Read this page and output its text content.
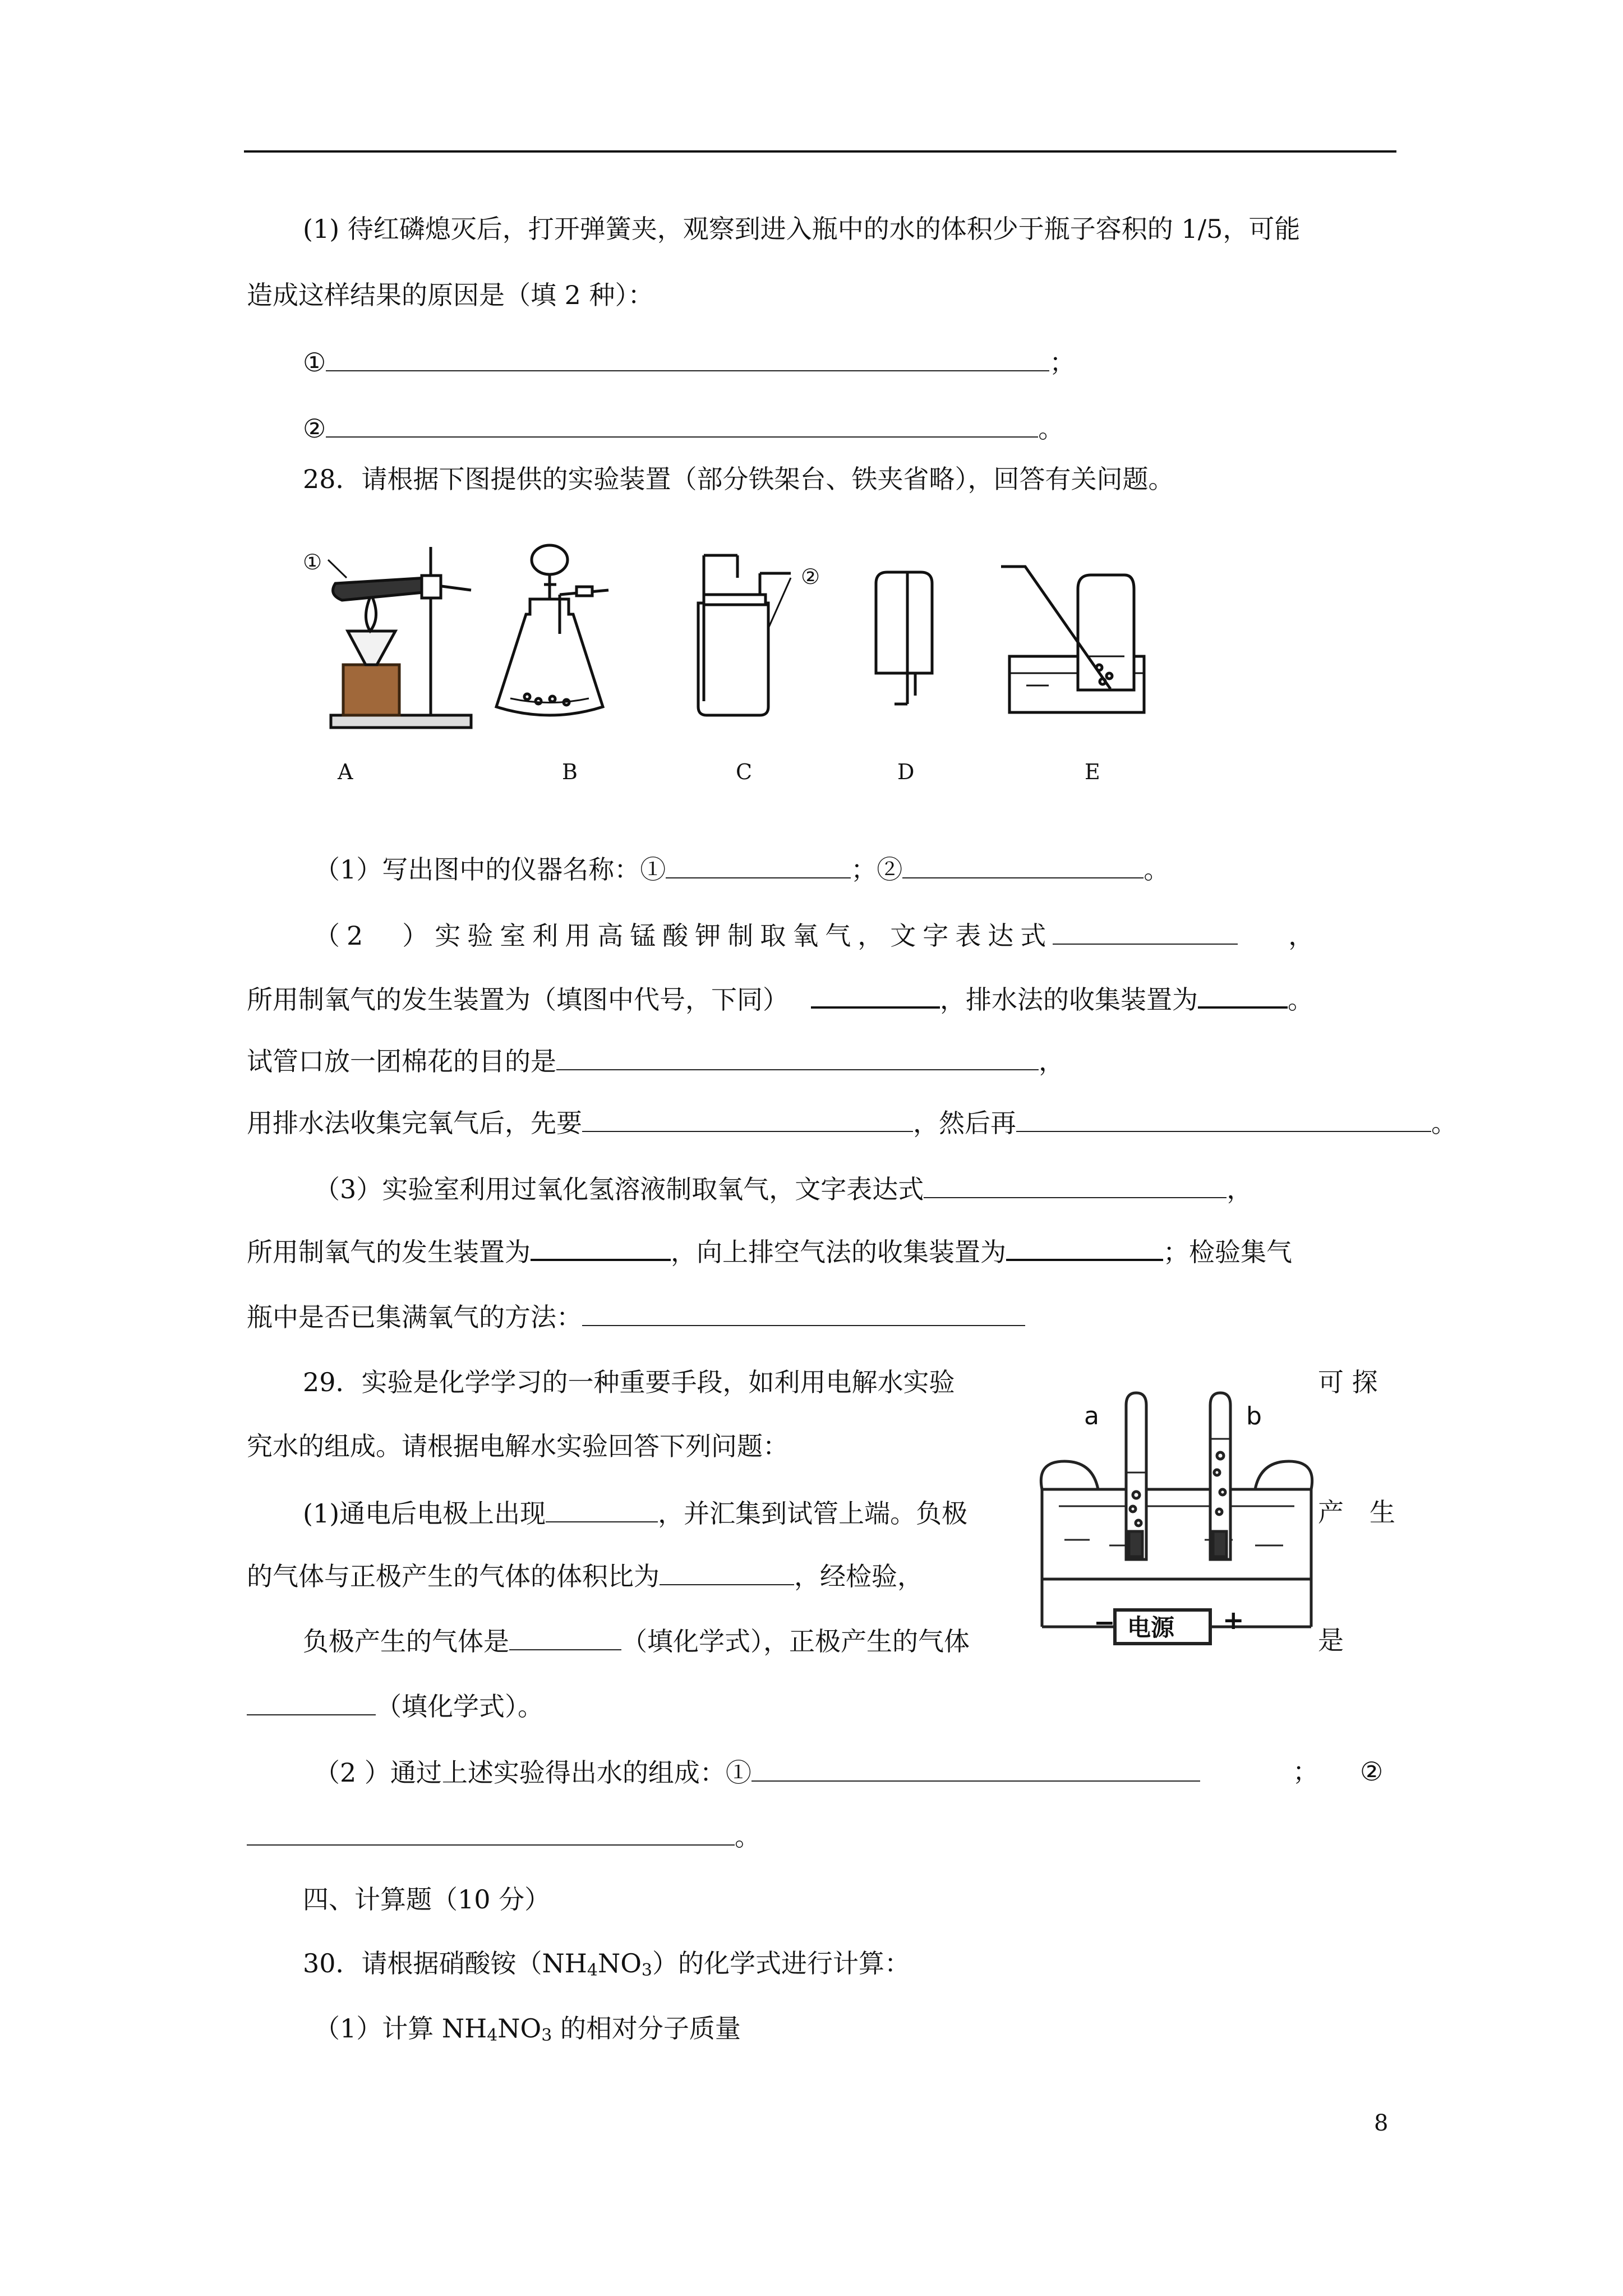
(1) 待红磷熄灭后，打开弹簧夹，观察到进入瓶中的水的体积少于瓶子容积的 1/5，可能
造成这样结果的原因是（填 2 种）：
①	；
②	。
28．请根据下图提供的实验装置（部分铁架台、铁夹省略），回答有关问题。
①
②
A	B	C	D	E
（1）写出图中的仪器名称：①	；②	。
（2　）实验室利用高锰酸钾制取氧气，文字表达式	，
所用制氧气的发生装置为（填图中代号，下同）	，排水法的收集装置为	。
试管口放一团棉花的目的是	，
用排水法收集完氧气后，先要	，然后再	。
（3）实验室利用过氧化氢溶液制取氧气，文字表达式	，
所用制氧气的发生装置为	，向上排空气法的收集装置为	；检验集气
瓶中是否已集满氧气的方法：
29．实验是化学学习的一种重要手段，如利用电解水实验	可 探
究水的组成。请根据电解水实验回答下列问题：
(1)通电后电极上出现	，并汇集到试管上端。负极	产　生
的气体与正极产生的气体的体积比为	，经检验，
负极产生的气体是	（填化学式），正极产生的气体	是
（填化学式）。
a	b
电源
−	+
（2 ）通过上述实验得出水的组成：①	； ②
。
四、计算题（10 分）
30．请根据硝酸铵$(NH_4NO_3)$的化学式进行计算：
（1）计算 $NH_4NO_3$ 的相对分子质量
8
